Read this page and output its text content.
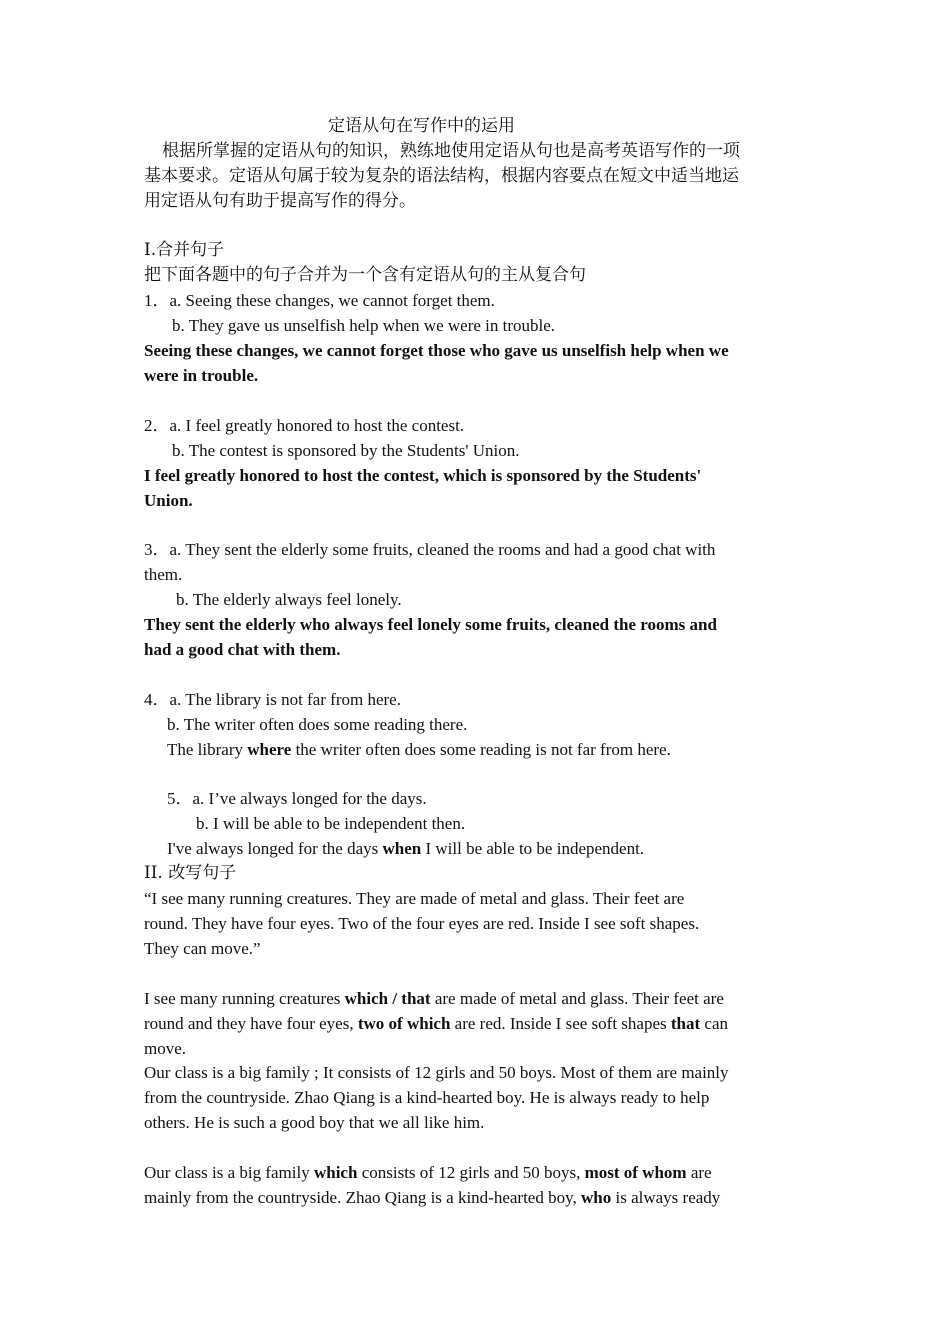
定语从句在写作中的运用
根据所掌握的定语从句的知识，熟练地使用定语从句也是高考英语写作的一项
基本要求。定语从句属于较为复杂的语法结构，根据内容要点在短文中适当地运
用定语从句有助于提高写作的得分。
Ⅰ.合并句子
把下面各题中的句子合并为一个含有定语从句的主从复合句
1．a. Seeing these changes, we cannot forget them.
b. They gave us unselfish help when we were in trouble.
Seeing these changes, we cannot forget those who gave us unselfish help when we
were in trouble.
2．a. I feel greatly honored to host the contest.
b. The contest is sponsored by the Students' Union.
I feel greatly honored to host the contest, which is sponsored by the Students'
Union.
3．a. They sent the elderly some fruits, cleaned the rooms and had a good chat with
them.
b. The elderly always feel lonely.
They sent the elderly who always feel lonely some fruits, cleaned the rooms and
had a good chat with them.
4．a. The library is not far from here.
b. The writer often does some reading there.
The library where the writer often does some reading is not far from here.
5．a. I’ve always longed for the days.
b. I will be able to be independent then.
I've always longed for the days when I will be able to be independent.
II. 改写句子
“I see many running creatures. They are made of metal and glass. Their feet are
round. They have four eyes. Two of the four eyes are red. Inside I see soft shapes.
They can move.”
I see many running creatures which / that are made of metal and glass. Their feet are
round and they have four eyes, two of which are red. Inside I see soft shapes that can
move.
Our class is a big family ; It consists of 12 girls and 50 boys. Most of them are mainly
from the countryside. Zhao Qiang is a kind-hearted boy. He is always ready to help
others. He is such a good boy that we all like him.
Our class is a big family which consists of 12 girls and 50 boys, most of whom are
mainly from the countryside. Zhao Qiang is a kind-hearted boy, who is always ready
